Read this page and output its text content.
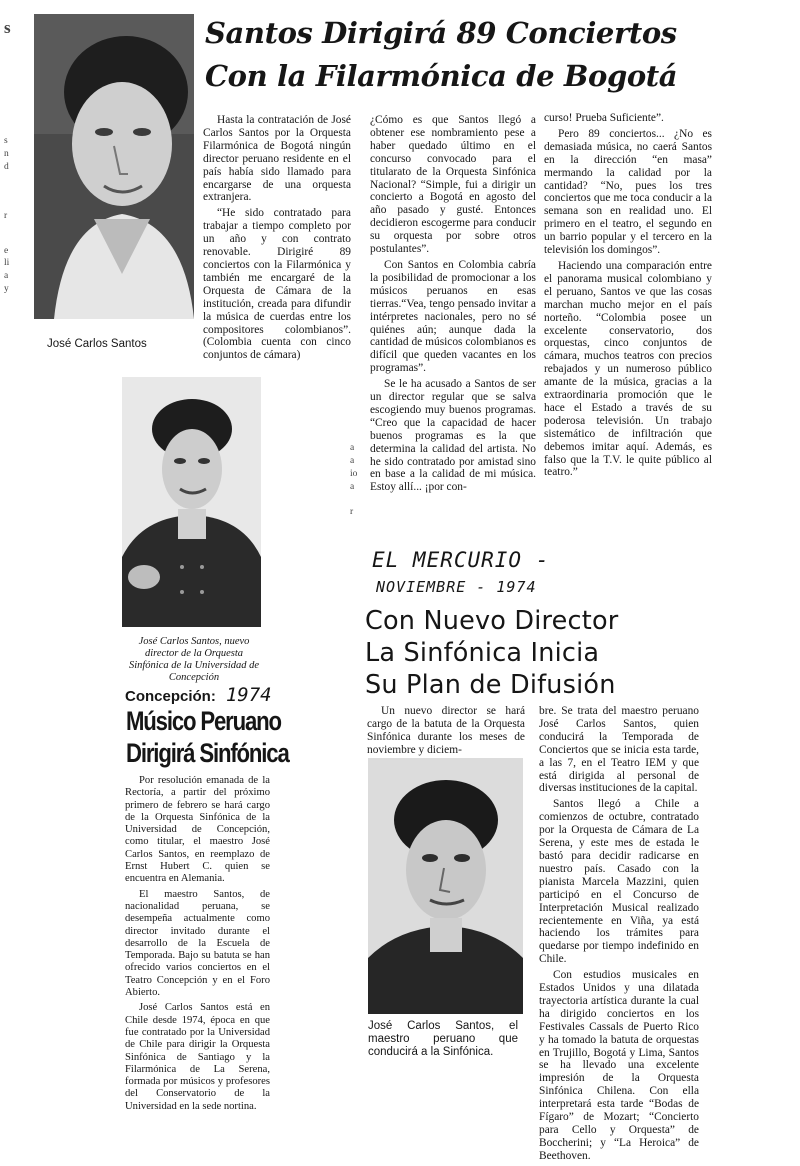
s
s
n
d
r
e
li
a
y
José Carlos Santos
Santos Dirigirá 89 Conciertos
Con la Filarmónica de Bogotá

Hasta la contratación de José Carlos Santos por la Orquesta Filarmónica de Bogotá ningún director peruano residente en el país había sido llamado para encargarse de una orquesta extranjera.

“He sido contratado para trabajar a tiempo completo por un año y con contrato renovable. Dirigiré 89 conciertos con la Filarmónica y también me encargaré de la Orquesta de Cámara de la institución, creada para difundir la música de cuerdas entre los compositores colombianos”. (Colombia cuenta con cinco conjuntos de cámara)

¿Cómo es que Santos llegó a obtener ese nombramiento pese a haber quedado último en el concurso convocado para el titularato de la Orquesta Sinfónica Nacional? “Simple, fui a dirigir un concierto a Bogotá en agosto del año pasado y gusté. Entonces decidieron escogerme para conducir su orquesta por sobre otros postulantes”.

Con Santos en Colombia cabría la posibilidad de promocionar a los músicos peruanos en esas tierras.“Vea, tengo pensado invitar a intérpretes nacionales, pero no sé quiénes aún; aunque dada la cantidad de músicos colombianos es difícil que queden vacantes en los programas”.

Se le ha acusado a Santos de ser un director regular que se salva escogiendo muy buenos programas. “Creo que la capacidad de hacer buenos programas es la que determina la calidad del artista. No he sido contratado por amistad sino en base a la calidad de mi música. Estoy allí... ¡por con-

curso! Prueba Suficiente”.

Pero 89 conciertos... ¿No es demasiada música, no caerá Santos en la dirección “en masa” mermando la calidad por la cantidad? “No, pues los tres conciertos que me toca conducir a la semana son en realidad uno. El primero en el teatro, el segundo en un barrio popular y el tercero en la televisión los domingos”.

Haciendo una comparación entre el panorama musical colombiano y el peruano, Santos ve que las cosas marchan mucho mejor en el país norteño. “Colombia posee un excelente conservatorio, dos orquestas, cinco conjuntos de cámara, muchos teatros con precios rebajados y un numeroso público amante de la música, gracias a la extraordinaria promoción que le hace el Estado a través de su poderosa televisión. Un trabajo sistemático de infiltración que debemos imitar aquí. Además, es falso que la T.V. le quite público al teatro.”

a
a
io
a
r
José Carlos Santos, nuevo director de la Orquesta Sinfónica de la Universidad de Concepción
Concepción: 1974
Músico Peruano
Dirigirá Sinfónica

Por resolución emanada de la Rectoría, a partir del próximo primero de febrero se hará cargo de la Orquesta Sinfónica de la Universidad de Concepción, como titular, el maestro José Carlos Santos, en reemplazo de Ernst Hubert C. quien se encuentra en Alemania.

El maestro Santos, de nacionalidad peruana, se desempeña actualmente como director invitado durante el desarrollo de la Escuela de Temporada. Bajo su batuta se han ofrecido varios conciertos en el Teatro Concepción y en el Foro Abierto.

José Carlos Santos está en Chile desde 1974, época en que fue contratado por la Universidad de Chile para dirigir la Orquesta Sinfónica de Santiago y la Filarmónica de La Serena, formada por músicos y profesores del Conservatorio de la Universidad en la sede nortina.

EL MERCURIO -
NOVIEMBRE - 1974
Con Nuevo Director
La Sinfónica Inicia
Su Plan de Difusión

Un nuevo director se hará cargo de la batuta de la Orquesta Sinfónica durante los meses de noviembre y diciem-

José Carlos Santos, el maestro peruano que conducirá a la Sinfónica.

bre. Se trata del maestro peruano José Carlos Santos, quien conducirá la Temporada de Conciertos que se inicia esta tarde, a las 7, en el Teatro IEM y que está dirigida al personal de diversas instituciones de la capital.

Santos llegó a Chile a comienzos de octubre, contratado por la Orquesta de Cámara de La Serena, y este mes de estada le bastó para decidir radicarse en nuestro país. Casado con la pianista Marcela Mazzini, quien participó en el Concurso de Interpretación Musical realizado recientemente en Viña, ya está haciendo los trámites para quedarse por tiempo indefinido en Chile.

Con estudios musicales en Estados Unidos y una dilatada trayectoria artística durante la cual ha dirigido conciertos en los Festivales Cassals de Puerto Rico y ha tomado la batuta de orquestas en Trujillo, Bogotá y Lima, Santos se ha llevado una excelente impresión de la Orquesta Sinfónica Chilena. Con ella interpretará esta tarde “Bodas de Fígaro” de Mozart; “Concierto para Cello y Orquesta” de Boccherini; y “La Heroica” de Beethoven.
